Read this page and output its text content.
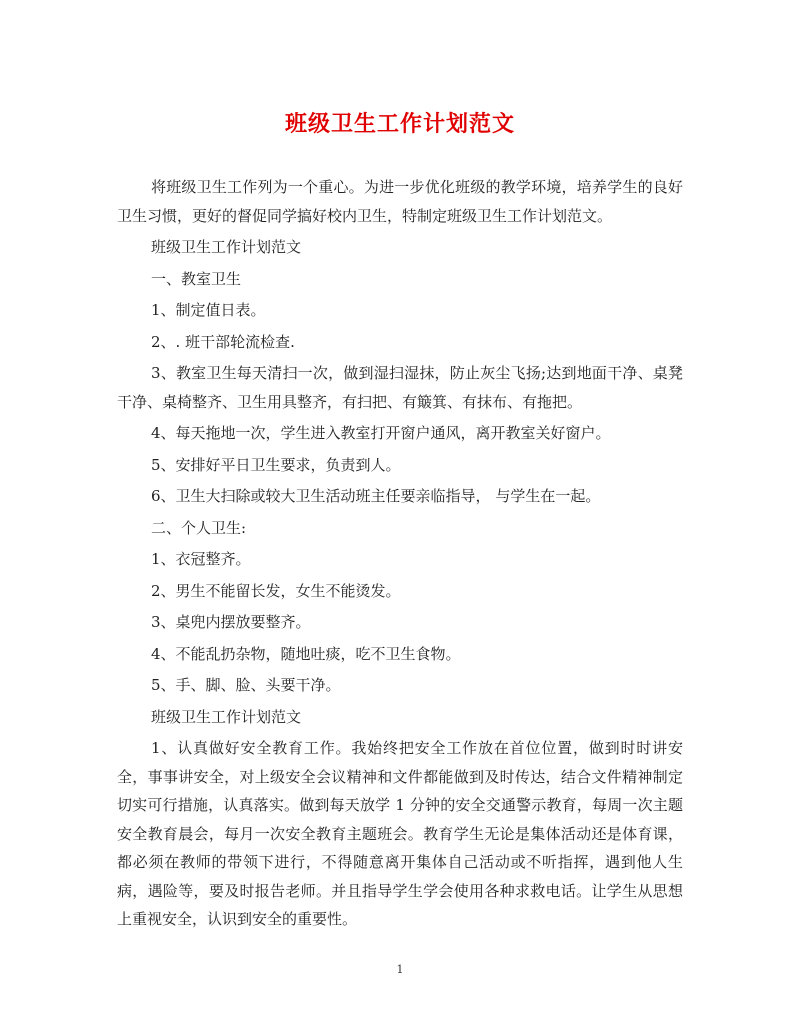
班级卫生工作计划范文

将班级卫生工作列为一个重心。为进一步优化班级的教学环境，培养学生的良好卫生习惯，更好的督促同学搞好校内卫生，特制定班级卫生工作计划范文。

班级卫生工作计划范文

一、教室卫生

1、制定值日表。

2、. 班干部轮流检查.

3、教室卫生每天清扫一次，做到湿扫湿抹，防止灰尘飞扬;达到地面干净、桌凳干净、桌椅整齐、卫生用具整齐，有扫把、有簸箕、有抹布、有拖把。

4、每天拖地一次，学生进入教室打开窗户通风，离开教室关好窗户。

5、安排好平日卫生要求，负责到人。

6、卫生大扫除或较大卫生活动班主任要亲临指导， 与学生在一起。

二、个人卫生:

1、衣冠整齐。

2、男生不能留长发，女生不能烫发。

3、桌兜内摆放要整齐。

4、不能乱扔杂物，随地吐痰，吃不卫生食物。

5、手、脚、脸、头要干净。

班级卫生工作计划范文

1、认真做好安全教育工作。我始终把安全工作放在首位位置，做到时时讲安全，事事讲安全，对上级安全会议精神和文件都能做到及时传达，结合文件精神制定切实可行措施，认真落实。做到每天放学 1 分钟的安全交通警示教育，每周一次主题安全教育晨会，每月一次安全教育主题班会。教育学生无论是集体活动还是体育课，都必须在教师的带领下进行，不得随意离开集体自己活动或不听指挥，遇到他人生病，遇险等，要及时报告老师。并且指导学生学会使用各种求救电话。让学生从思想上重视安全，认识到安全的重要性。

1
